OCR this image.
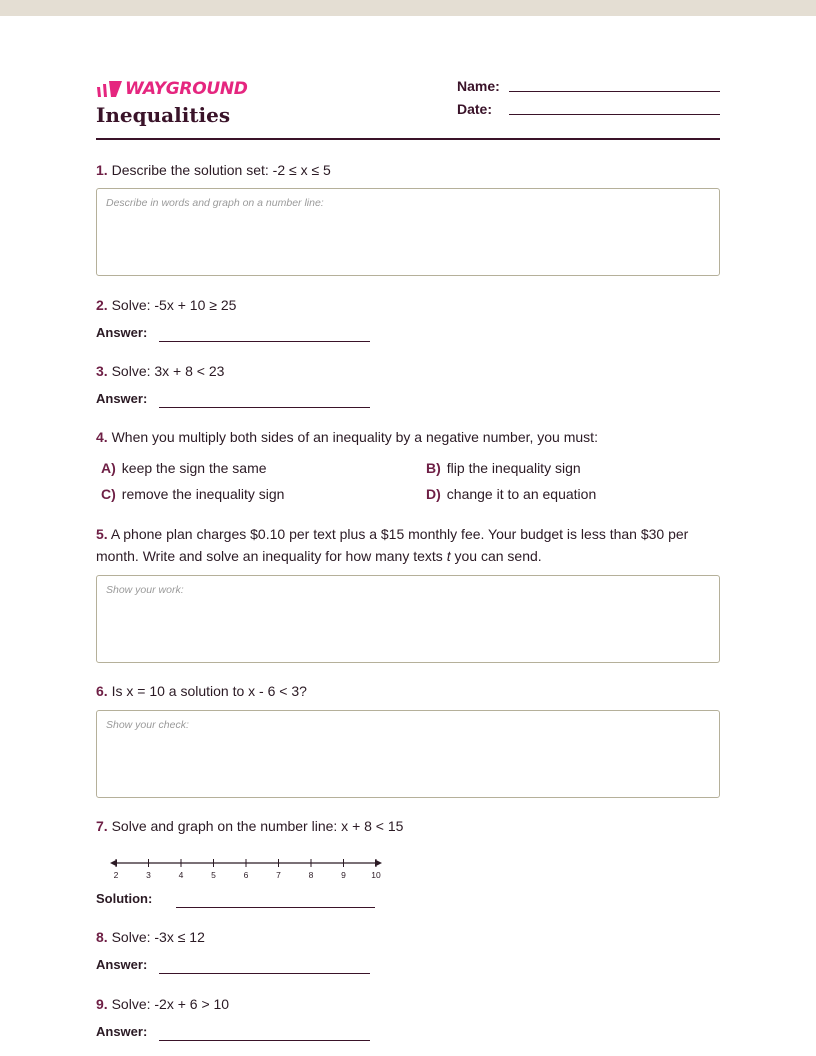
WAYGROUND
Inequalities
Name:
Date:
1. Describe the solution set: -2 ≤ x ≤ 5
Describe in words and graph on a number line:
2. Solve: -5x + 10 ≥ 25
Answer:
3. Solve: 3x + 8 < 23
Answer:
4. When you multiply both sides of an inequality by a negative number, you must:
A) keep the sign the same	B) flip the inequality sign
C) remove the inequality sign	D) change it to an equation
5. A phone plan charges $0.10 per text plus a $15 monthly fee. Your budget is less than $30 per month. Write and solve an inequality for how many texts t you can send.
Show your work:
6. Is x = 10 a solution to x - 6 < 3?
Show your check:
7. Solve and graph on the number line: x + 8 < 15
2	3	4	5	6	7	8	9	10
Solution:
8. Solve: -3x ≤ 12
Answer:
9. Solve: -2x + 6 > 10
Answer:
